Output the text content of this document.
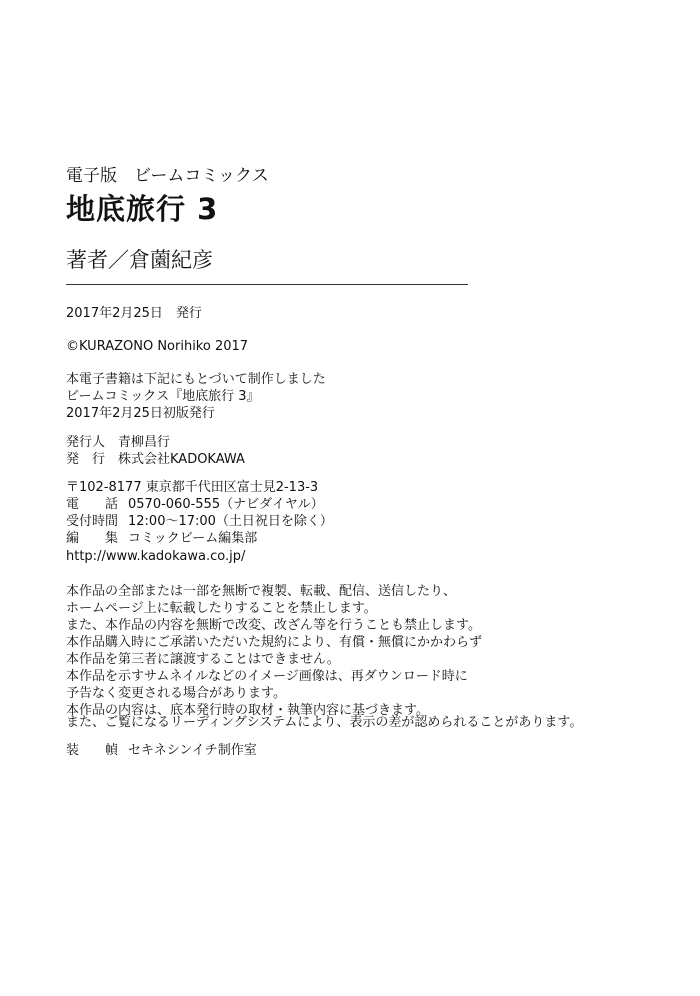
電子版　ビームコミックス
地底旅行 3
著者／倉薗紀彦
2017年2月25日　発行
©KURAZONO Norihiko 2017
本電子書籍は下記にもとづいて制作しました
ビームコミックス『地底旅行 3』
2017年2月25日初版発行
発行人 青柳昌行
発　行 株式会社KADOKAWA
〒102-8177 東京都千代田区富士見2-13-3
電　　話 0570-060-555（ナビダイヤル）
受付時間 12:00～17:00（土日祝日を除く）
編　　集 コミックビーム編集部
http://www.kadokawa.co.jp/
本作品の全部または一部を無断で複製、転載、配信、送信したり、
ホームページ上に転載したりすることを禁止します。
また、本作品の内容を無断で改変、改ざん等を行うことも禁止します。
本作品購入時にご承諾いただいた規約により、有償・無償にかかわらず
本作品を第三者に譲渡することはできません。
本作品を示すサムネイルなどのイメージ画像は、再ダウンロード時に
予告なく変更される場合があります。
本作品の内容は、底本発行時の取材・執筆内容に基づきます。
また、ご覧になるリーディングシステムにより、表示の差が認められることがあります。
装　　幀 セキネシンイチ制作室
